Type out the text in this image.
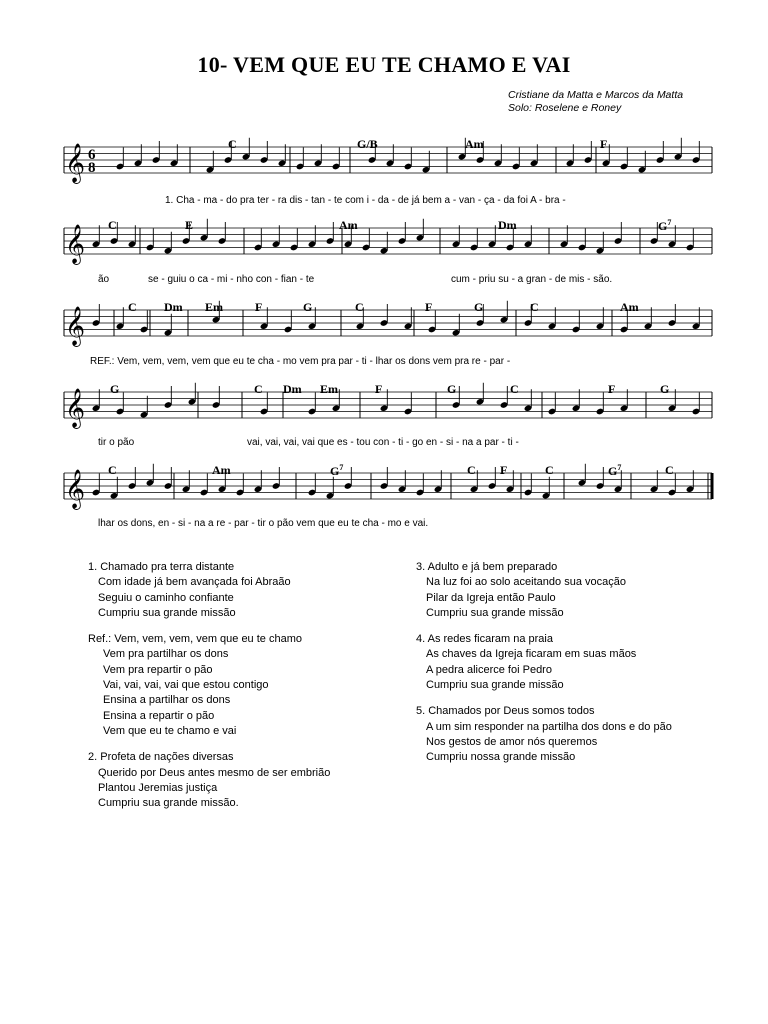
10- VEM QUE EU TE CHAMO E VAI
Cristiane da Matta e Marcos da Matta
Solo: Roselene e Roney
𝄞
𝄞
𝄞
𝄞
𝄞
6
8
C	G/B	Am	F
C	E	Am	Dm	$G^7$
C Dm Em	F	G	C	F	G	C	Am
G	C Dm Em	F	G	C	F	G
C	Am	$G^7$	C F	C	$G^7$	C
1. Cha - ma - do pra ter - ra dis - tan - te com i - da - de já bem a - van - ça - da foi A - bra -
ão	se - guiu o ca - mi - nho con - fian - te	cum - priu su - a gran - de mis - são.
REF.: Vem, vem, vem, vem que eu te cha - mo vem pra par - ti - lhar os dons vem pra re - par -
tir o pão	vai, vai, vai, vai que es - tou con - ti - go en - si - na a par - ti -
lhar os dons, en - si - na a re - par - tir o pão vem que eu te cha - mo e vai.
1. Chamado pra terra distante
Com idade já bem avançada foi Abraão
Seguiu o caminho confiante
Cumpriu sua grande missão
Ref.: Vem, vem, vem, vem que eu te chamo
Vem pra partilhar os dons
Vem pra repartir o pão
Vai, vai, vai, vai que estou contigo
Ensina a partilhar os dons
Ensina a repartir o pão
Vem que eu te chamo e vai
2. Profeta de nações diversas
Querido por Deus antes mesmo de ser embrião
Plantou Jeremias justiça
Cumpriu sua grande missão.
3. Adulto e já bem preparado
Na luz foi ao solo aceitando sua vocação
Pilar da Igreja então Paulo
Cumpriu sua grande missão
4. As redes ficaram na praia
As chaves da Igreja ficaram em suas mãos
A pedra alicerce foi Pedro
Cumpriu sua grande missão
5. Chamados por Deus somos todos
A um sim responder na partilha dos dons e do pão
Nos gestos de amor nós queremos
Cumpriu nossa grande missão
